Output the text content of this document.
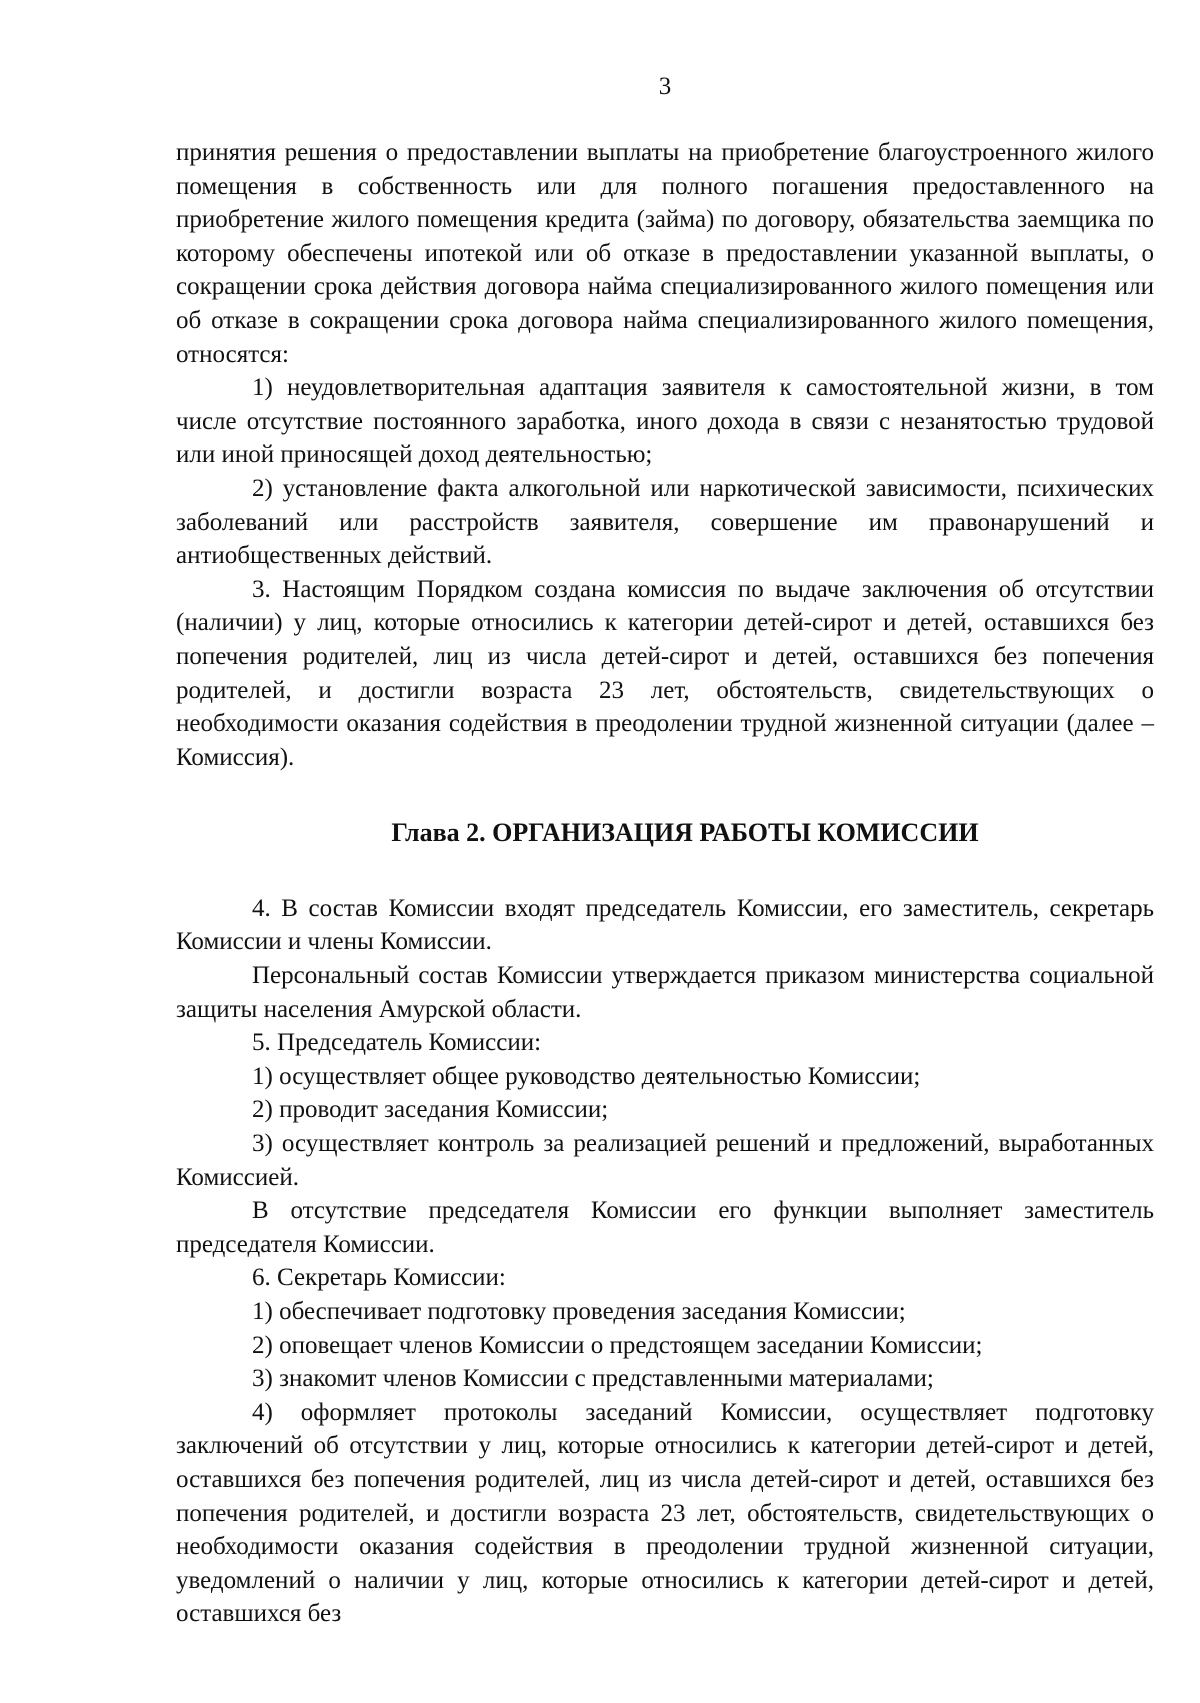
3

принятия решения о предоставлении выплаты на приобретение благоустроенного жилого помещения в собственность или для полного погашения предоставленного на приобретение жилого помещения кредита (займа) по договору, обязательства заемщика по которому обеспечены ипотекой или об отказе в предоставлении указанной выплаты, о сокращении срока действия договора найма специализированного жилого помещения или об отказе в сокращении срока договора найма специализированного жилого помещения, относятся:

1) неудовлетворительная адаптация заявителя к самостоятельной жизни, в том числе отсутствие постоянного заработка, иного дохода в связи с незанятостью трудовой или иной приносящей доход деятельностью;

2) установление факта алкогольной или наркотической зависимости, психических заболеваний или расстройств заявителя, совершение им правонарушений и антиобщественных действий.

3. Настоящим Порядком создана комиссия по выдаче заключения об отсутствии (наличии) у лиц, которые относились к категории детей-сирот и детей, оставшихся без попечения родителей, лиц из числа детей-сирот и детей, оставшихся без попечения родителей, и достигли возраста 23 лет, обстоятельств, свидетельствующих о необходимости оказания содействия в преодолении трудной жизненной ситуации (далее – Комиссия).

Глава 2. ОРГАНИЗАЦИЯ РАБОТЫ КОМИССИИ

4. В состав Комиссии входят председатель Комиссии, его заместитель, секретарь Комиссии и члены Комиссии.

Персональный состав Комиссии утверждается приказом министерства социальной защиты населения Амурской области.

5. Председатель Комиссии:

1) осуществляет общее руководство деятельностью Комиссии;

2) проводит заседания Комиссии;

3) осуществляет контроль за реализацией решений и предложений, выработанных Комиссией.

В отсутствие председателя Комиссии его функции выполняет заместитель председателя Комиссии.

6. Секретарь Комиссии:

1) обеспечивает подготовку проведения заседания Комиссии;

2) оповещает членов Комиссии о предстоящем заседании Комиссии;

3) знакомит членов Комиссии с представленными материалами;

4) оформляет протоколы заседаний Комиссии, осуществляет подготовку заключений об отсутствии у лиц, которые относились к категории детей-сирот и детей, оставшихся без попечения родителей, лиц из числа детей-сирот и детей, оставшихся без попечения родителей, и достигли возраста 23 лет, обстоятельств, свидетельствующих о необходимости оказания содействия в преодолении трудной жизненной ситуации, уведомлений о наличии у лиц, которые относились к категории детей-сирот и детей, оставшихся без
